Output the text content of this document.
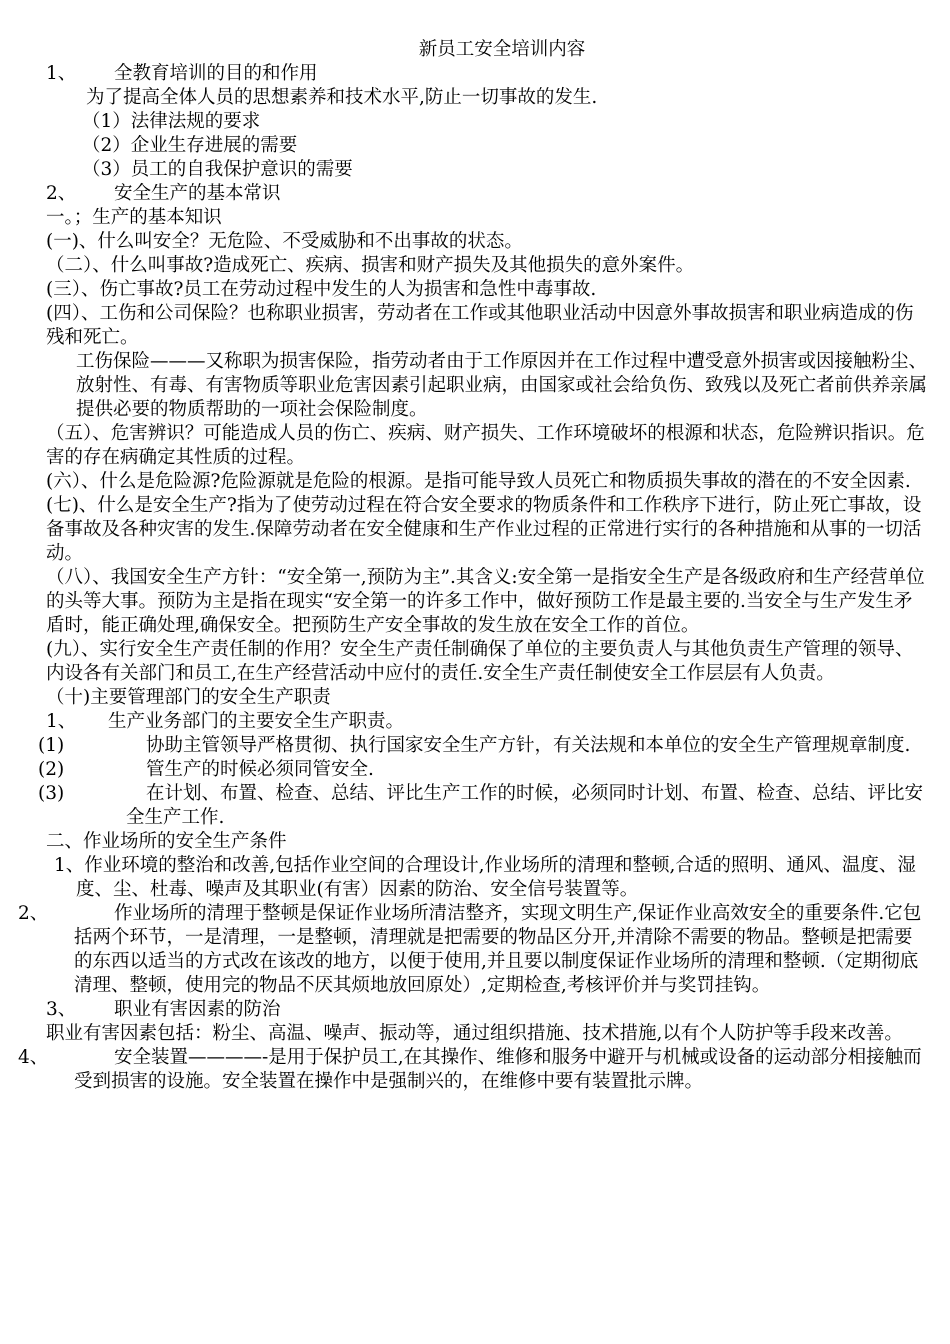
新员工安全培训内容

1、 全教育培训的目的和作用

为了提高全体人员的思想素养和技术水平,防止一切事故的发生.

（1）法律法规的要求

（2）企业生存进展的需要

（3）员工的自我保护意识的需要

2、 安全生产的基本常识

一。；生产的基本知识

(一)、什么叫安全？无危险、不受威胁和不出事故的状态。

（二）、什么叫事故?造成死亡、疾病、损害和财产损失及其他损失的意外案件。

(三）、伤亡事故?员工在劳动过程中发生的人为损害和急性中毒事故.

(四）、工伤和公司保险？也称职业损害，劳动者在工作或其他职业活动中因意外事故损害和职业病造成的伤残和死亡。

工伤保险———又称职为损害保险，指劳动者由于工作原因并在工作过程中遭受意外损害或因接触粉尘、放射性、有毒、有害物质等职业危害因素引起职业病，由国家或社会给负伤、致残以及死亡者前供养亲属提供必要的物质帮助的一项社会保险制度。

（五）、危害辨识？可能造成人员的伤亡、疾病、财产损失、工作环境破坏的根源和状态，危险辨识指识。危害的存在病确定其性质的过程。

(六）、什么是危险源?危险源就是危险的根源。是指可能导致人员死亡和物质损失事故的潜在的不安全因素.

(七)、什么是安全生产?指为了使劳动过程在符合安全要求的物质条件和工作秩序下进行，防止死亡事故，设备事故及各种灾害的发生.保障劳动者在安全健康和生产作业过程的正常进行实行的各种措施和从事的一切活动。

（八）、我国安全生产方针：“安全第一,预防为主”.其含义:安全第一是指安全生产是各级政府和生产经营单位的头等大事。预防为主是指在现实“安全第一的许多工作中，做好预防工作是最主要的.当安全与生产发生矛盾时，能正确处理,确保安全。把预防生产安全事故的发生放在安全工作的首位。

(九）、实行安全生产责任制的作用？安全生产责任制确保了单位的主要负责人与其他负责生产管理的领导、内设各有关部门和员工,在生产经营活动中应付的责任.安全生产责任制使安全工作层层有人负责。

（十)主要管理部门的安全生产职责

1、 生产业务部门的主要安全生产职责。

(1)	协助主管领导严格贯彻、执行国家安全生产方针，有关法规和本单位的安全生产管理规章制度.

(2)	管生产的时候必须同管安全.

(3)	在计划、布置、检查、总结、评比生产工作的时候，必须同时计划、布置、检查、总结、评比安全生产工作.

二、作业场所的安全生产条件

1、作业环境的整治和改善,包括作业空间的合理设计,作业场所的清理和整顿,合适的照明、通风、温度、湿度、尘、杜毒、噪声及其职业(有害）因素的防治、安全信号装置等。

2、	作业场所的清理于整顿是保证作业场所清洁整齐，实现文明生产,保证作业高效安全的重要条件.它包括两个环节，一是清理，一是整顿，清理就是把需要的物品区分开,并清除不需要的物品。整顿是把需要的东西以适当的方式改在该改的地方，以便于使用,并且要以制度保证作业场所的清理和整顿.（定期彻底清理、整顿，使用完的物品不厌其烦地放回原处）,定期检查,考核评价并与奖罚挂钩。

3、 职业有害因素的防治

职业有害因素包括：粉尘、高温、噪声、振动等，通过组织措施、技术措施,以有个人防护等手段来改善。

4、	安全装置————-是用于保护员工,在其操作、维修和服务中避开与机械或设备的运动部分相接触而受到损害的设施。安全装置在操作中是强制兴的，在维修中要有装置批示牌。
